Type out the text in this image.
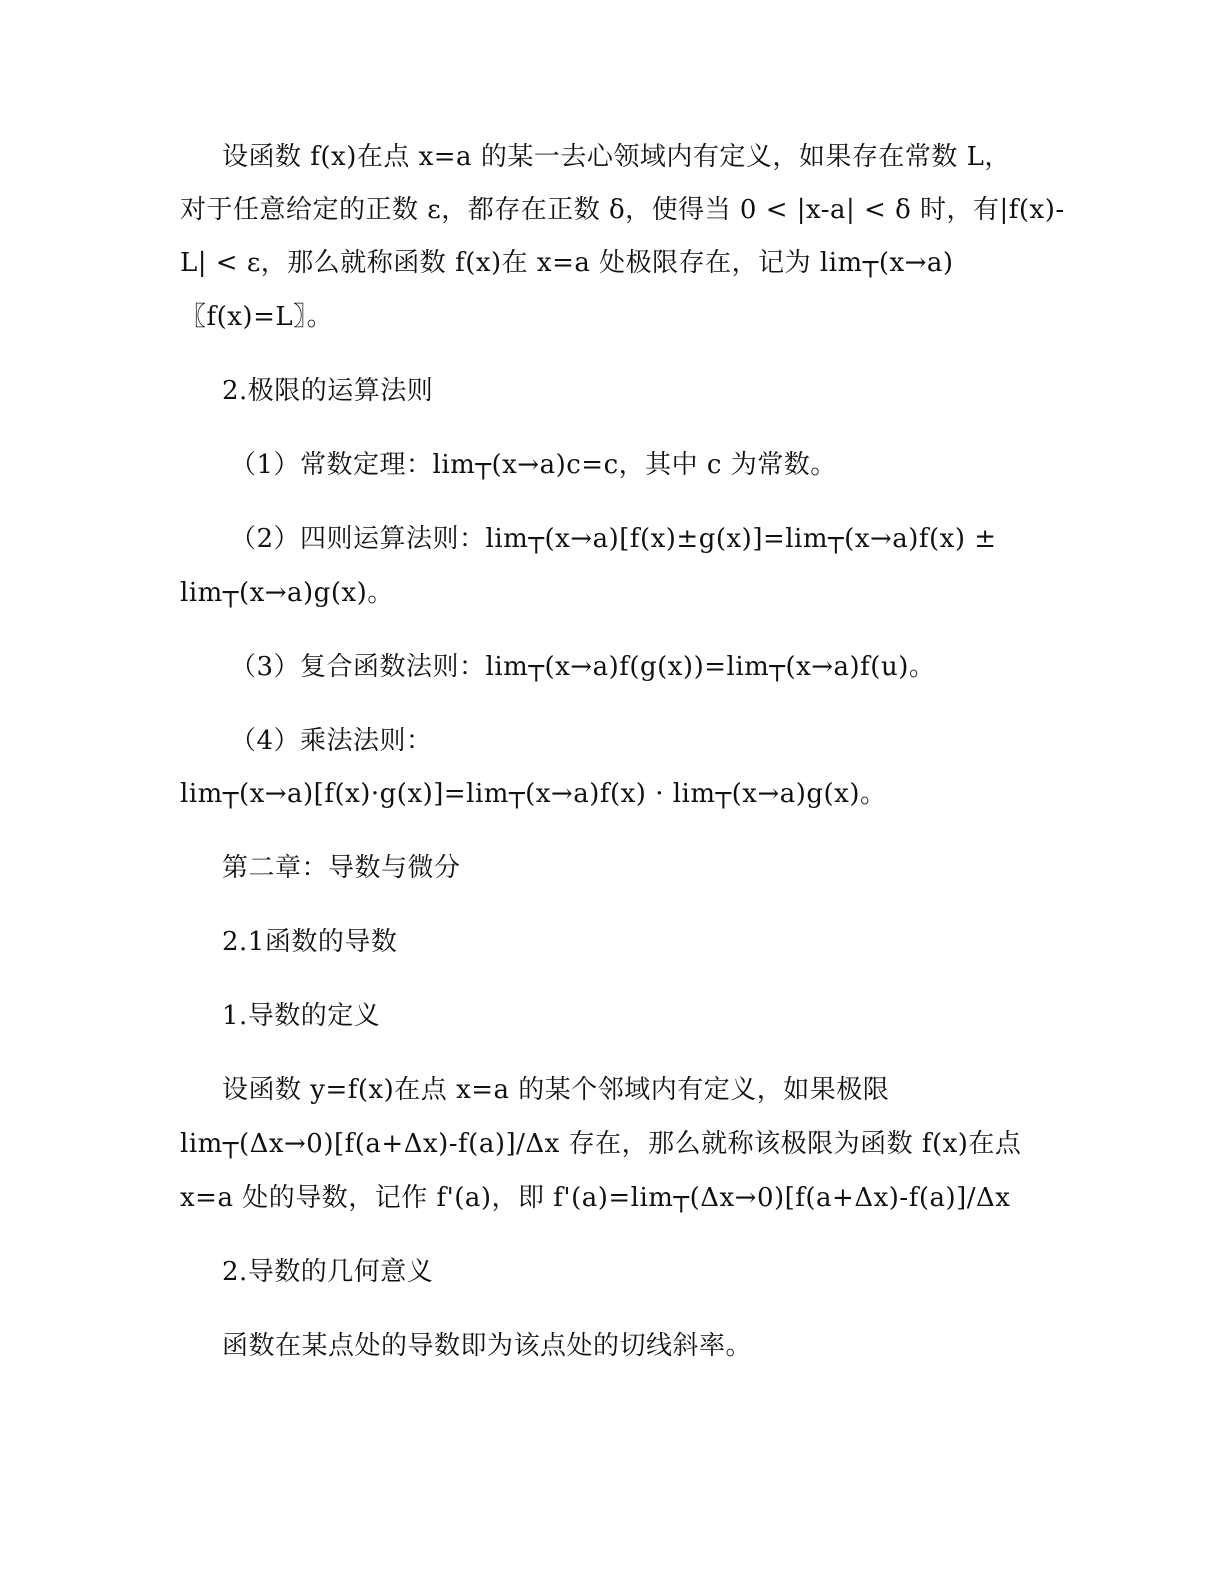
设函数 f(x)在点 x=a 的某一去心领域内有定义，如果存在常数 L，
对于任意给定的正数 ε，都存在正数 δ，使得当 0 < |x-a| < δ 时，有|f(x)-
L| < ε，那么就称函数 f(x)在 x=a 处极限存在，记为 lim┬(x→a)
〖f(x)=L〗。
2.极限的运算法则
（1）常数定理：lim┬(x→a)c=c，其中 c 为常数。
（2）四则运算法则：lim┬(x→a)[f(x)±g(x)]=lim┬(x→a)f(x) ±
lim┬(x→a)g(x)。
（3）复合函数法则：lim┬(x→a)f(g(x))=lim┬(x→a)f(u)。
（4）乘法法则：
lim┬(x→a)[f(x)·g(x)]=lim┬(x→a)f(x) · lim┬(x→a)g(x)。
第二章：导数与微分
2.1函数的导数
1.导数的定义
设函数 y=f(x)在点 x=a 的某个邻域内有定义，如果极限
lim┬(Δx→0)[f(a+Δx)-f(a)]/Δx 存在，那么就称该极限为函数 f(x)在点
x=a 处的导数，记作 f'(a)，即 f'(a)=lim┬(Δx→0)[f(a+Δx)-f(a)]/Δx
2.导数的几何意义
函数在某点处的导数即为该点处的切线斜率。
